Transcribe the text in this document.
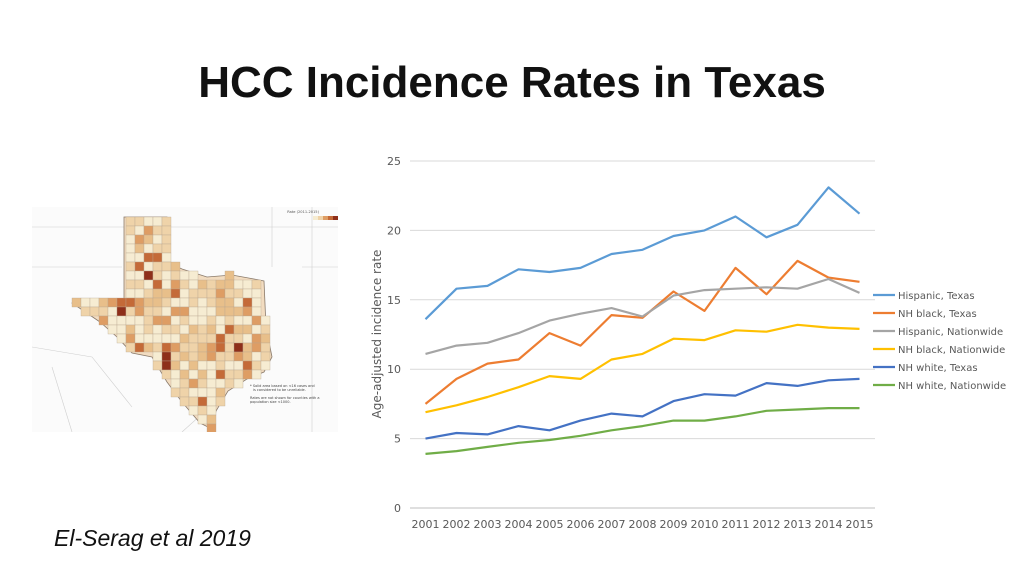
HCC Incidence Rates in Texas
Rate (2011-2015)
* Solid area based on <16 cases and
is considered to be unreliable.
Rates are not shown for counties with a
population size <1000.
0
5
10
15
20
25
2001 2002 2003 2004 2005 2006 2007 2008 2009 2010 2011 2012 2013 2014 2015
Hispanic, Texas
NH black, Texas
Hispanic, Nationwide
NH black, Nationwide
NH white, Texas
NH white, Nationwide
Age-adjusted incidence rate
El-Serag et al 2019
